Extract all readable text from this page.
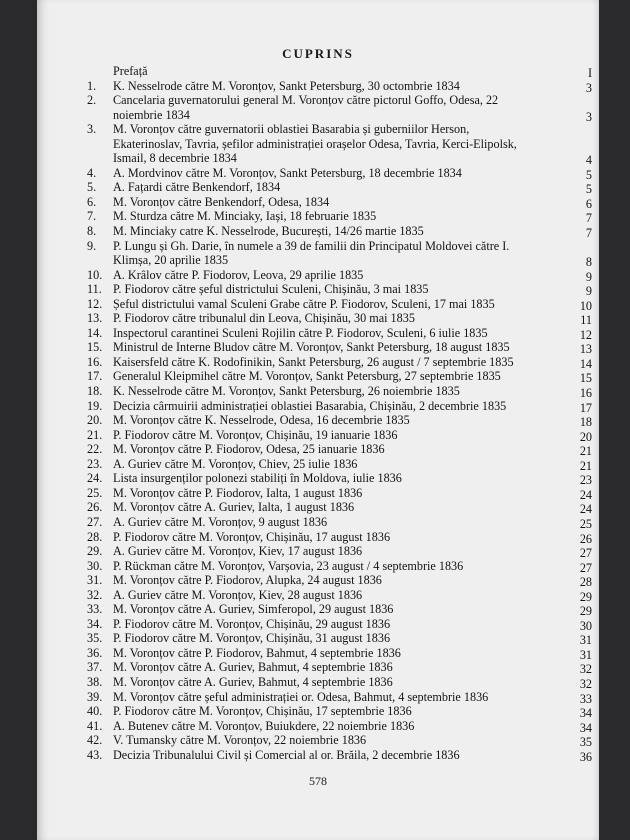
CUPRINS
Prefață	I
1.	K. Nesselrode către M. Voronțov, Sankt Petersburg, 30 octombrie 1834	3
2.	Cancelaria guvernatorului general M. Voronțov către pictorul Goffo, Odesa, 22 noiembrie 1834	3
3.	M. Voronțov către guvernatorii oblastiei Basarabia și guberniilor Herson, Ekaterinoslav, Tavria, șefilor administrației orașelor Odesa, Tavria, Kerci-Elipolsk, Ismail, 8 decembrie 1834	4
4.	A. Mordvinov către M. Voronțov, Sankt Petersburg, 18 decembrie 1834	5
5.	A. Fațardi către Benkendorf, 1834	5
6.	M. Voronțov către Benkendorf, Odesa, 1834	6
7.	M. Sturdza către M. Minciaky, Iași, 18 februarie 1835	7
8.	M. Minciaky catre K. Nesselrode, București, 14/26 martie 1835	7
9.	P. Lungu și Gh. Darie, în numele a 39 de familii din Principatul Moldovei către I. Klimșa, 20 aprilie 1835	8
10. A. Krâlov către P. Fiodorov, Leova, 29 aprilie 1835	9
11. P. Fiodorov către șeful districtului Sculeni, Chișinău, 3 mai 1835	9
12. Șeful districtului vamal Sculeni Grabe către P. Fiodorov, Sculeni, 17 mai 1835	10
13. P. Fiodorov către tribunalul din Leova, Chișinău, 30 mai 1835	11
14. Inspectorul carantinei Sculeni Rojilin către P. Fiodorov, Sculeni, 6 iulie 1835	12
15. Ministrul de Interne Bludov către M. Voronțov, Sankt Petersburg, 18 august 1835	13
16. Kaisersfeld către K. Rodofinikin, Sankt Petersburg, 26 august / 7 septembrie 1835	14
17. Generalul Kleipmihel către M. Voronțov, Sankt Petersburg, 27 septembrie 1835	15
18. K. Nesselrode către M. Voronțov, Sankt Petersburg, 26 noiembrie 1835	16
19. Decizia cârmuirii administrației oblastiei Basarabia, Chișinău, 2 decembrie 1835	17
20. M. Voronțov către K. Nesselrode, Odesa, 16 decembrie 1835	18
21. P. Fiodorov către M. Voronțov, Chișinău, 19 ianuarie 1836	20
22. M. Voronțov către P. Fiodorov, Odesa, 25 ianuarie 1836	21
23. A. Guriev către M. Voronțov, Chiev, 25 iulie 1836	21
24. Lista insurgenților polonezi stabiliți în Moldova, iulie 1836	23
25. M. Voronțov către P. Fiodorov, Ialta, 1 august 1836	24
26. M. Voronțov către A. Guriev, Ialta, 1 august 1836	24
27. A. Guriev către M. Voronțov, 9 august 1836	25
28. P. Fiodorov către M. Voronțov, Chișinău, 17 august 1836	26
29. A. Guriev către M. Voronțov, Kiev, 17 august 1836	27
30. P. Rückman către M. Voronțov, Varșovia, 23 august / 4 septembrie 1836	27
31. M. Voronțov către P. Fiodorov, Alupka, 24 august 1836	28
32. A. Guriev către M. Voronțov, Kiev, 28 august 1836	29
33. M. Voronțov către A. Guriev, Simferopol, 29 august 1836	29
34. P. Fiodorov către M. Voronțov, Chișinău, 29 august 1836	30
35. P. Fiodorov către M. Voronțov, Chișinău, 31 august 1836	31
36. M. Voronțov către P. Fiodorov, Bahmut, 4 septembrie 1836	31
37. M. Voronțov către A. Guriev, Bahmut, 4 septembrie 1836	32
38. M. Voronțov către A. Guriev, Bahmut, 4 septembrie 1836	32
39. M. Voronțov către șeful administrației or. Odesa, Bahmut, 4 septembrie 1836	33
40. P. Fiodorov către M. Voronțov, Chișinău, 17 septembrie 1836	34
41. A. Butenev către M. Voronțov, Buiukdere, 22 noiembrie 1836	34
42. V. Tumansky către M. Voronțov, 22 noiembrie 1836	35
43. Decizia Tribunalului Civil și Comercial al or. Brăila, 2 decembrie 1836	36
578
